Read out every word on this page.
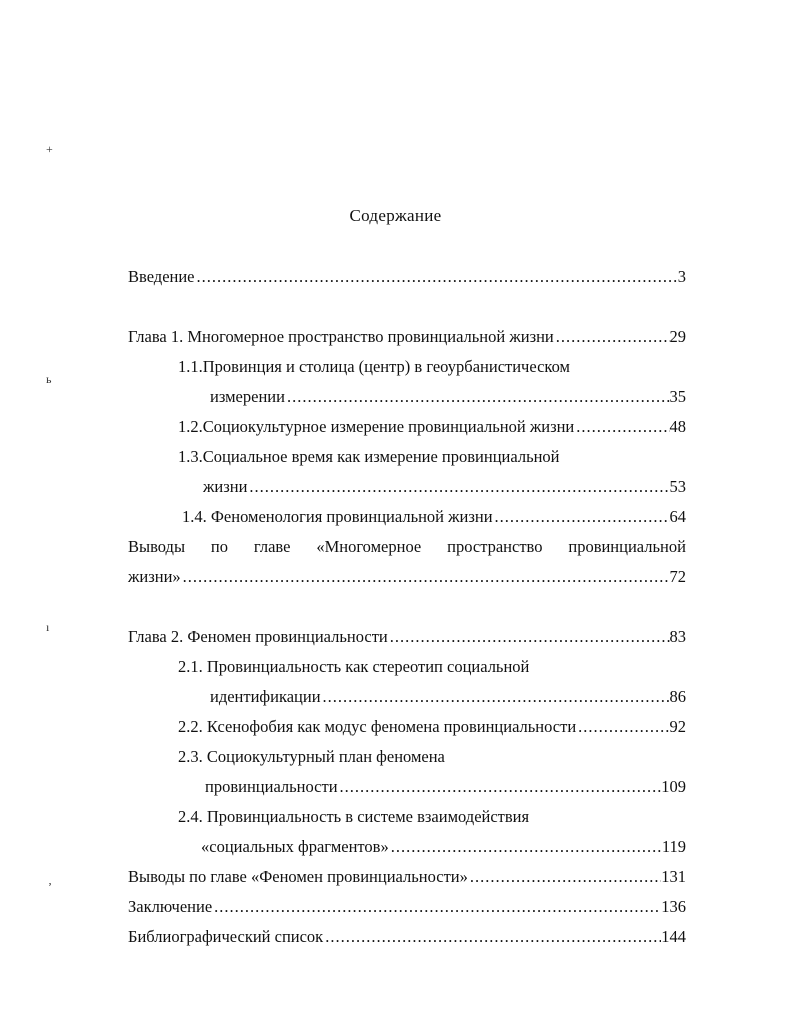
+
ь
ı
ʼ
Содержание
Введение .....	3
Глава 1. Многомерное пространство провинциальной жизни .....	29
1.1.Провинция и столица (центр) в геоурбанистическом
измерении .....	35
1.2.Социокультурное измерение провинциальной жизни .....	48
1.3.Социальное время как измерение провинциальной
жизни .....	53
1.4. Феноменология провинциальной жизни .....	64
Выводы по главе «Многомерное пространство провинциальной
жизни» .....	72
Глава 2. Феномен провинциальности .....	83
2.1. Провинциальность как стереотип социальной
идентификации .....	86
2.2. Ксенофобия как модус феномена провинциальности .....	92
2.3. Социокультурный план феномена
провинциальности .....	109
2.4. Провинциальность в системе взаимодействия
«социальных фрагментов» .....	119
Выводы по главе «Феномен провинциальности» .....	131
Заключение .....	136
Библиографический список .....	144
